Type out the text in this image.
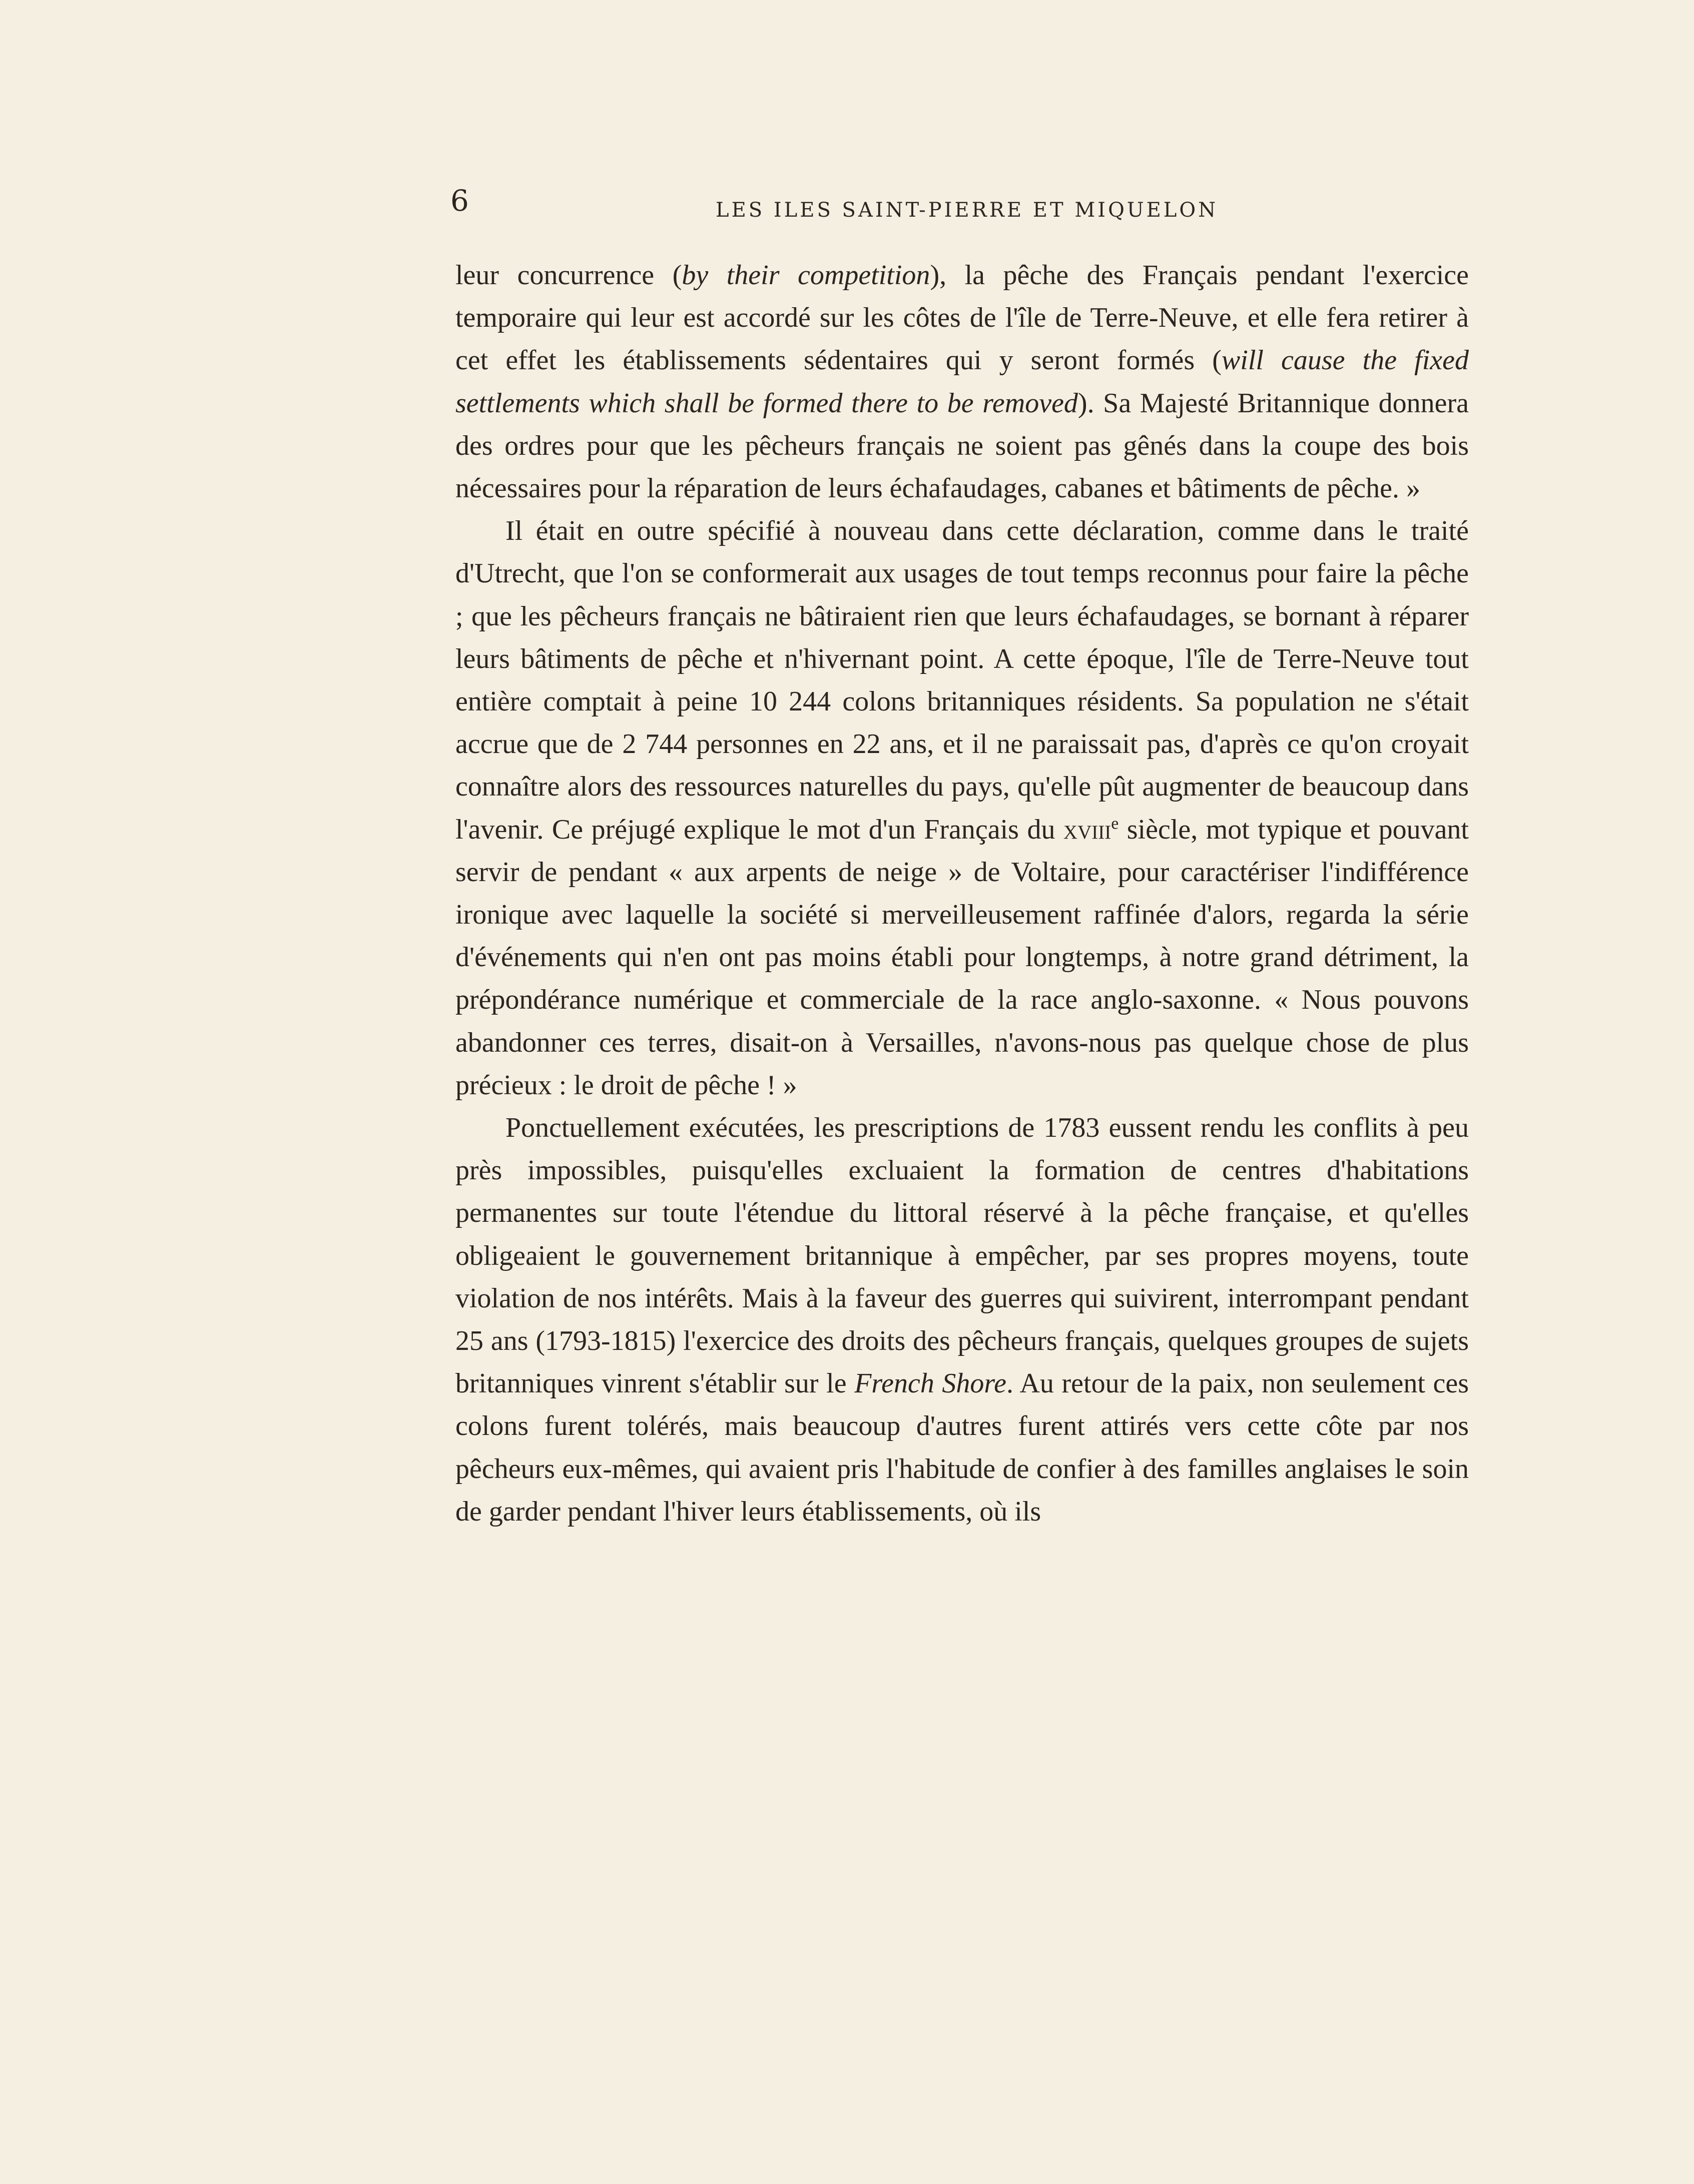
6	LES ILES SAINT-PIERRE ET MIQUELON

leur concurrence (by their competition), la pêche des Français pendant l'exercice temporaire qui leur est accordé sur les côtes de l'île de Terre-Neuve, et elle fera retirer à cet effet les établissements sédentaires qui y seront formés (will cause the fixed settlements which shall be formed there to be removed). Sa Majesté Britannique donnera des ordres pour que les pêcheurs français ne soient pas gênés dans la coupe des bois nécessaires pour la réparation de leurs échafaudages, cabanes et bâtiments de pêche. »

Il était en outre spécifié à nouveau dans cette déclaration, comme dans le traité d'Utrecht, que l'on se conformerait aux usages de tout temps reconnus pour faire la pêche ; que les pêcheurs français ne bâtiraient rien que leurs échafaudages, se bornant à réparer leurs bâtiments de pêche et n'hivernant point. A cette époque, l'île de Terre-Neuve tout entière comptait à peine 10 244 colons britanniques résidents. Sa population ne s'était accrue que de 2 744 personnes en 22 ans, et il ne paraissait pas, d'après ce qu'on croyait connaître alors des ressources naturelles du pays, qu'elle pût augmenter de beaucoup dans l'avenir. Ce préjugé explique le mot d'un Français du xviii$^e$ siècle, mot typique et pouvant servir de pendant « aux arpents de neige » de Voltaire, pour caractériser l'indifférence ironique avec laquelle la société si merveilleusement raffinée d'alors, regarda la série d'événements qui n'en ont pas moins établi pour longtemps, à notre grand détriment, la prépondérance numérique et commerciale de la race anglo-saxonne. « Nous pouvons abandonner ces terres, disait-on à Versailles, n'avons-nous pas quelque chose de plus précieux : le droit de pêche ! »

Ponctuellement exécutées, les prescriptions de 1783 eussent rendu les conflits à peu près impossibles, puisqu'elles excluaient la formation de centres d'habitations permanentes sur toute l'étendue du littoral réservé à la pêche française, et qu'elles obligeaient le gouvernement britannique à empêcher, par ses propres moyens, toute violation de nos intérêts. Mais à la faveur des guerres qui suivirent, interrompant pendant 25 ans (1793-1815) l'exercice des droits des pêcheurs français, quelques groupes de sujets britanniques vinrent s'établir sur le French Shore. Au retour de la paix, non seulement ces colons furent tolérés, mais beaucoup d'autres furent attirés vers cette côte par nos pêcheurs eux-mêmes, qui avaient pris l'habitude de confier à des familles anglaises le soin de garder pendant l'hiver leurs établissements, où ils
